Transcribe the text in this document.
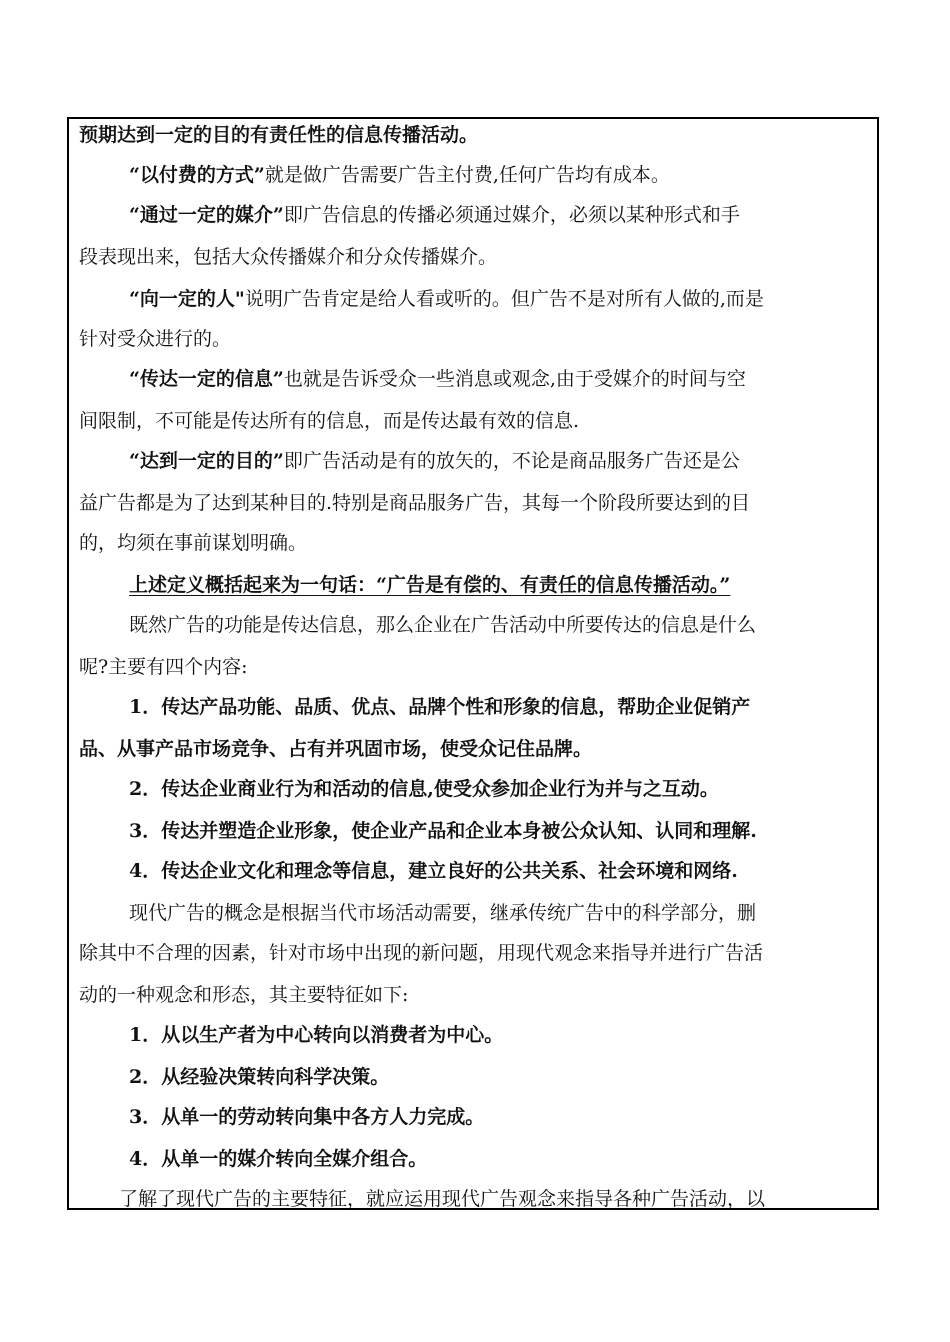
预期达到一定的目的有责任性的信息传播活动。
“以付费的方式”就是做广告需要广告主付费,任何广告均有成本。
“通过一定的媒介”即广告信息的传播必须通过媒介，必须以某种形式和手
段表现出来，包括大众传播媒介和分众传播媒介。
“向一定的人"说明广告肯定是给人看或听的。但广告不是对所有人做的,而是
针对受众进行的。
“传达一定的信息”也就是告诉受众一些消息或观念,由于受媒介的时间与空
间限制，不可能是传达所有的信息，而是传达最有效的信息.
“达到一定的目的”即广告活动是有的放矢的，不论是商品服务广告还是公
益广告都是为了达到某种目的.特别是商品服务广告，其每一个阶段所要达到的目
的，均须在事前谋划明确。
上述定义概括起来为一句话：“广告是有偿的、有责任的信息传播活动。”
既然广告的功能是传达信息，那么企业在广告活动中所要传达的信息是什么
呢?主要有四个内容:
1．传达产品功能、品质、优点、品牌个性和形象的信息，帮助企业促销产
品、从事产品市场竞争、占有并巩固市场，使受众记住品牌。
2．传达企业商业行为和活动的信息,使受众参加企业行为并与之互动。
3．传达并塑造企业形象，使企业产品和企业本身被公众认知、认同和理解.
4．传达企业文化和理念等信息，建立良好的公共关系、社会环境和网络.
现代广告的概念是根据当代市场活动需要，继承传统广告中的科学部分，删
除其中不合理的因素，针对市场中出现的新问题，用现代观念来指导并进行广告活
动的一种观念和形态，其主要特征如下:
1．从以生产者为中心转向以消费者为中心。
2．从经验决策转向科学决策。
3．从单一的劳动转向集中各方人力完成。
4．从单一的媒介转向全媒介组合。
了解了现代广告的主要特征，就应运用现代广告观念来指导各种广告活动，以
